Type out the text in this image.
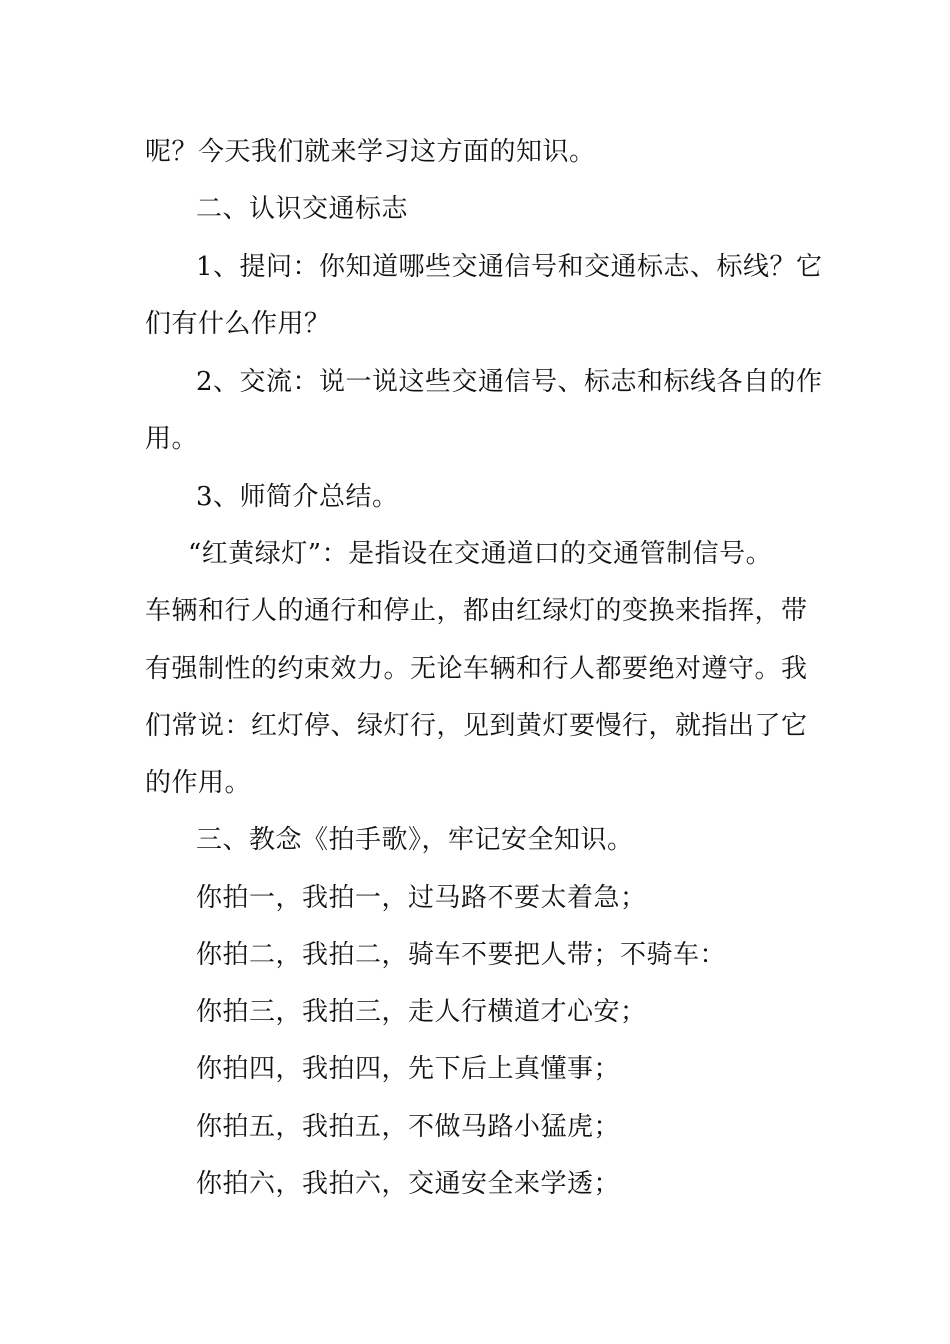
呢？今天我们就来学习这方面的知识。

二、认识交通标志

1、提问：你知道哪些交通信号和交通标志、标线？它

们有什么作用？

2、交流：说一说这些交通信号、标志和标线各自的作

用。

3、师简介总结。

“红黄绿灯”：是指设在交通道口的交通管制信号。

车辆和行人的通行和停止，都由红绿灯的变换来指挥，带

有强制性的约束效力。无论车辆和行人都要绝对遵守。我

们常说：红灯停、绿灯行，见到黄灯要慢行，就指出了它

的作用。

三、教念《拍手歌》，牢记安全知识。

你拍一，我拍一，过马路不要太着急；

你拍二，我拍二，骑车不要把人带；不骑车：

你拍三，我拍三，走人行横道才心安；

你拍四，我拍四，先下后上真懂事；

你拍五，我拍五，不做马路小猛虎；

你拍六，我拍六，交通安全来学透；
